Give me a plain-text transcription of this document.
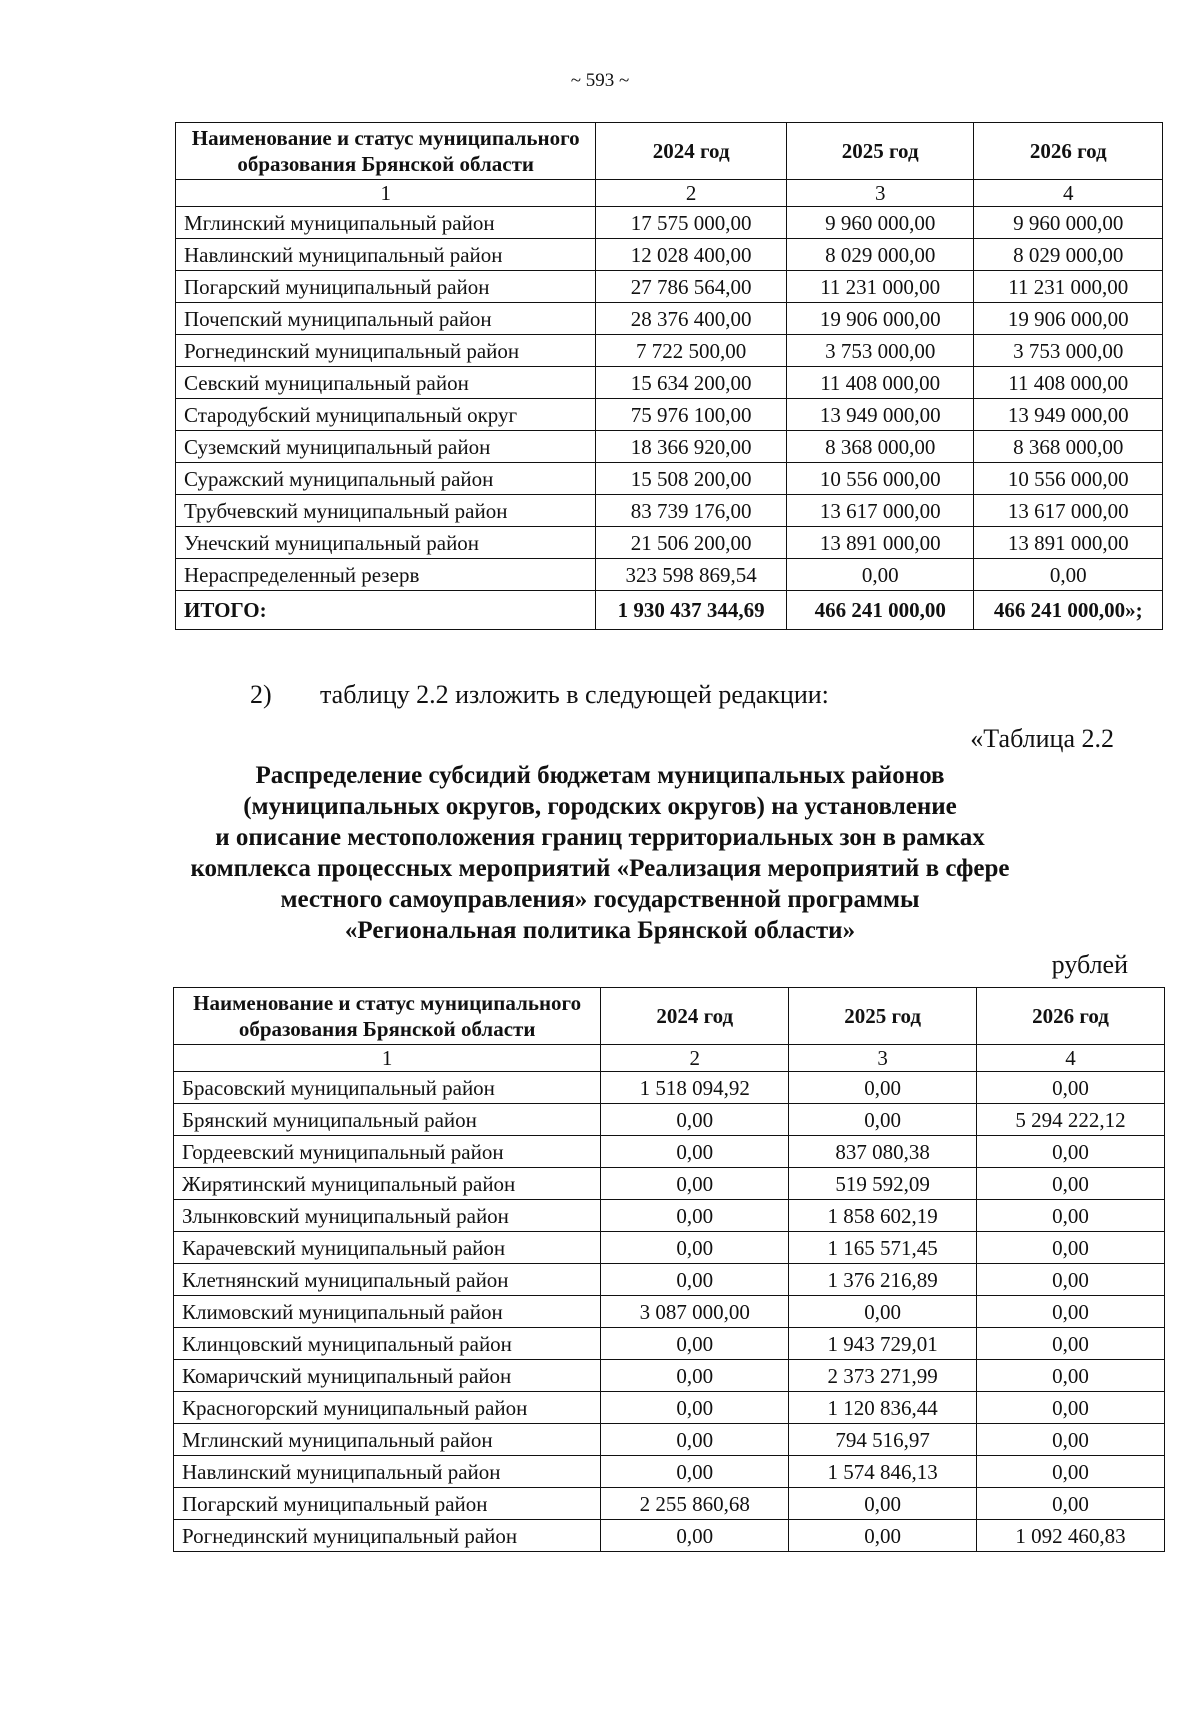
~ 593 ~
Наименование и статус муниципального образования Брянской области	2024 год	2025 год	2026 год
1	2	3	4
Мглинский муниципальный район	17 575 000,00	9 960 000,00	9 960 000,00
Навлинский муниципальный район	12 028 400,00	8 029 000,00	8 029 000,00
Погарский муниципальный район	27 786 564,00	11 231 000,00	11 231 000,00
Почепский муниципальный район	28 376 400,00	19 906 000,00	19 906 000,00
Рогнединский муниципальный район	7 722 500,00	3 753 000,00	3 753 000,00
Севский муниципальный район	15 634 200,00	11 408 000,00	11 408 000,00
Стародубский муниципальный округ	75 976 100,00	13 949 000,00	13 949 000,00
Суземский муниципальный район	18 366 920,00	8 368 000,00	8 368 000,00
Суражский муниципальный район	15 508 200,00	10 556 000,00	10 556 000,00
Трубчевский муниципальный район	83 739 176,00	13 617 000,00	13 617 000,00
Унечский муниципальный район	21 506 200,00	13 891 000,00	13 891 000,00
Нераспределенный резерв	323 598 869,54	0,00	0,00
ИТОГО:	1 930 437 344,69	466 241 000,00	466 241 000,00»;
2) таблицу 2.2 изложить в следующей редакции:
«Таблица 2.2
Распределение субсидий бюджетам муниципальных районов
(муниципальных округов, городских округов) на установление
и описание местоположения границ территориальных зон в рамках
комплекса процессных мероприятий «Реализация мероприятий в сфере
местного самоуправления» государственной программы
«Региональная политика Брянской области»
рублей
Наименование и статус муниципального образования Брянской области	2024 год	2025 год	2026 год
1	2	3	4
Брасовский муниципальный район	1 518 094,92	0,00	0,00
Брянский муниципальный район	0,00	0,00	5 294 222,12
Гордеевский муниципальный район	0,00	837 080,38	0,00
Жирятинский муниципальный район	0,00	519 592,09	0,00
Злынковский муниципальный район	0,00	1 858 602,19	0,00
Карачевский муниципальный район	0,00	1 165 571,45	0,00
Клетнянский муниципальный район	0,00	1 376 216,89	0,00
Климовский муниципальный район	3 087 000,00	0,00	0,00
Клинцовский муниципальный район	0,00	1 943 729,01	0,00
Комаричский муниципальный район	0,00	2 373 271,99	0,00
Красногорский муниципальный район	0,00	1 120 836,44	0,00
Мглинский муниципальный район	0,00	794 516,97	0,00
Навлинский муниципальный район	0,00	1 574 846,13	0,00
Погарский муниципальный район	2 255 860,68	0,00	0,00
Рогнединский муниципальный район	0,00	0,00	1 092 460,83
